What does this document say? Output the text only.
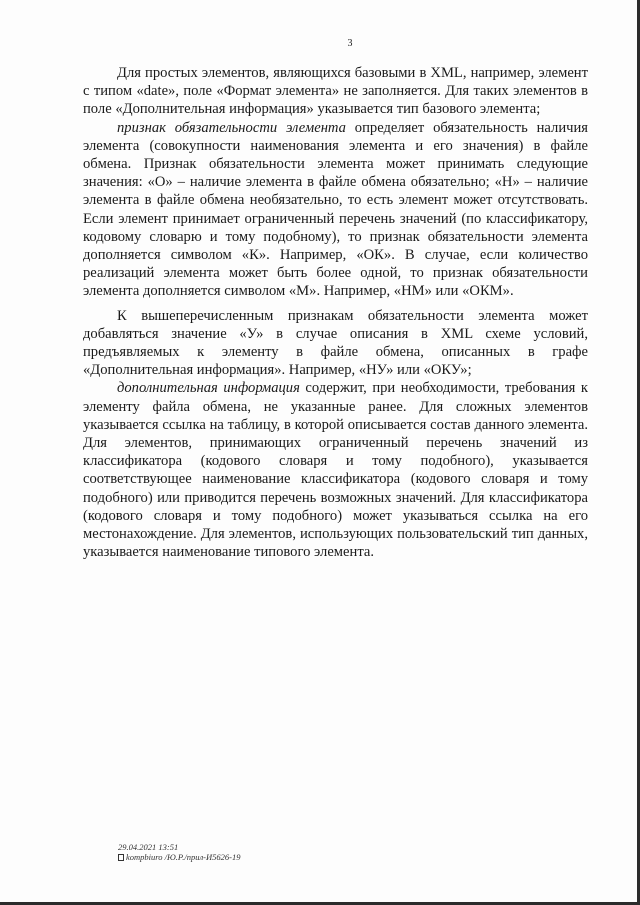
3

Для простых элементов, являющихся базовыми в XML, например, элемент с типом «date», поле «Формат элемента» не заполняется. Для таких элементов в поле «Дополнительная информация» указывается тип базового элемента;

признак обязательности элемента определяет обязательность наличия элемента (совокупности наименования элемента и его значения) в файле обмена. Признак обязательности элемента может принимать следующие значения: «О» – наличие элемента в файле обмена обязательно; «Н» – наличие элемента в файле обмена необязательно, то есть элемент может отсутствовать. Если элемент принимает ограниченный перечень значений (по классификатору, кодовому словарю и тому подобному), то признак обязательности элемента дополняется символом «К». Например, «ОК». В случае, если количество реализаций элемента может быть более одной, то признак обязательности элемента дополняется символом «М». Например, «НМ» или «ОКМ».

К вышеперечисленным признакам обязательности элемента может добавляться значение «У» в случае описания в XML схеме условий, предъявляемых к элементу в файле обмена, описанных в графе «Дополнительная информация». Например, «НУ» или «ОКУ»;

дополнительная информация содержит, при необходимости, требования к элементу файла обмена, не указанные ранее. Для сложных элементов указывается ссылка на таблицу, в которой описывается состав данного элемента. Для элементов, принимающих ограниченный перечень значений из классификатора (кодового словаря и тому подобного), указывается соответствующее наименование классификатора (кодового словаря и тому подобного) или приводится перечень возможных значений. Для классификатора (кодового словаря и тому подобного) может указываться ссылка на его местонахождение. Для элементов, использующих пользовательский тип данных, указывается наименование типового элемента.

29.04.2021 13:51
kompbiuro /Ю.Р./прил-И5626-19
